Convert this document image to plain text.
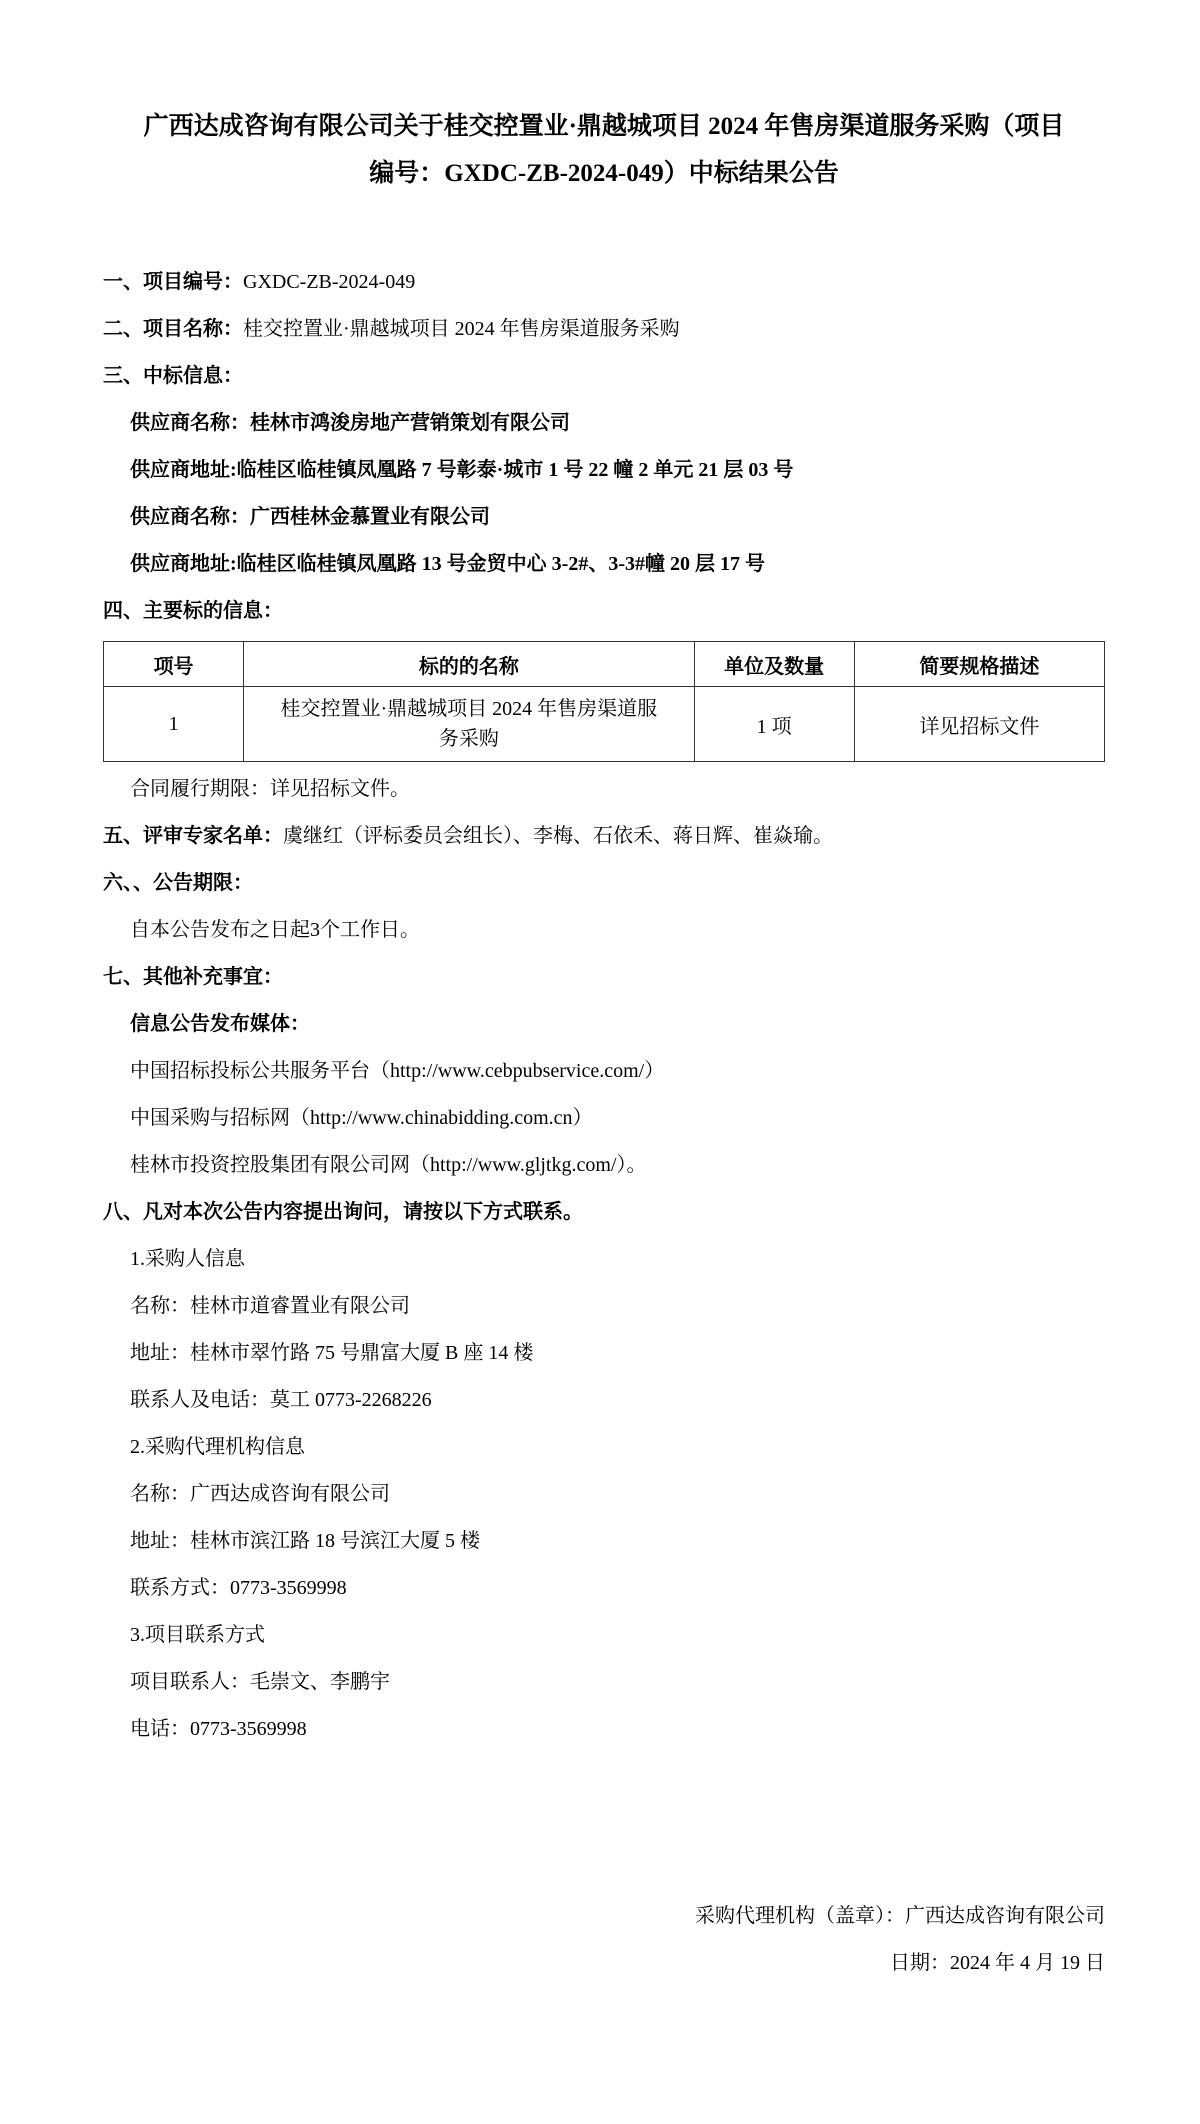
广西达成咨询有限公司关于桂交控置业·鼎越城项目 2024 年售房渠道服务采购（项目
编号：GXDC-ZB-2024-049）中标结果公告

一、项目编号：GXDC-ZB-2024-049

二、项目名称：桂交控置业·鼎越城项目 2024 年售房渠道服务采购

三、中标信息：

供应商名称：桂林市鸿浚房地产营销策划有限公司

供应商地址:临桂区临桂镇凤凰路 7 号彰泰·城市 1 号 22 幢 2 单元 21 层 03 号

供应商名称：广西桂林金慕置业有限公司

供应商地址:临桂区临桂镇凤凰路 13 号金贸中心 3-2#、3-3#幢 20 层 17 号

四、主要标的信息：

项号	标的的名称	单位及数量	简要规格描述
1	桂交控置业·鼎越城项目 2024 年售房渠道服务采购	1 项	详见招标文件

合同履行期限：详见招标文件。

五、评审专家名单：虞继红（评标委员会组长）、李梅、石依禾、蒋日辉、崔焱瑜。

六、、公告期限：

自本公告发布之日起3个工作日。

七、其他补充事宜：

信息公告发布媒体：

中国招标投标公共服务平台（http://www.cebpubservice.com/）

中国采购与招标网（http://www.chinabidding.com.cn）

桂林市投资控股集团有限公司网（http://www.gljtkg.com/）。

八、凡对本次公告内容提出询问，请按以下方式联系。

1.采购人信息

名称：桂林市道睿置业有限公司

地址：桂林市翠竹路 75 号鼎富大厦 B 座 14 楼

联系人及电话：莫工 0773-2268226

2.采购代理机构信息

名称：广西达成咨询有限公司

地址：桂林市滨江路 18 号滨江大厦 5 楼

联系方式：0773-3569998

3.项目联系方式

项目联系人：毛崇文、李鹏宇

电话：0773-3569998

采购代理机构（盖章）：广西达成咨询有限公司

日期：2024 年 4 月 19 日
